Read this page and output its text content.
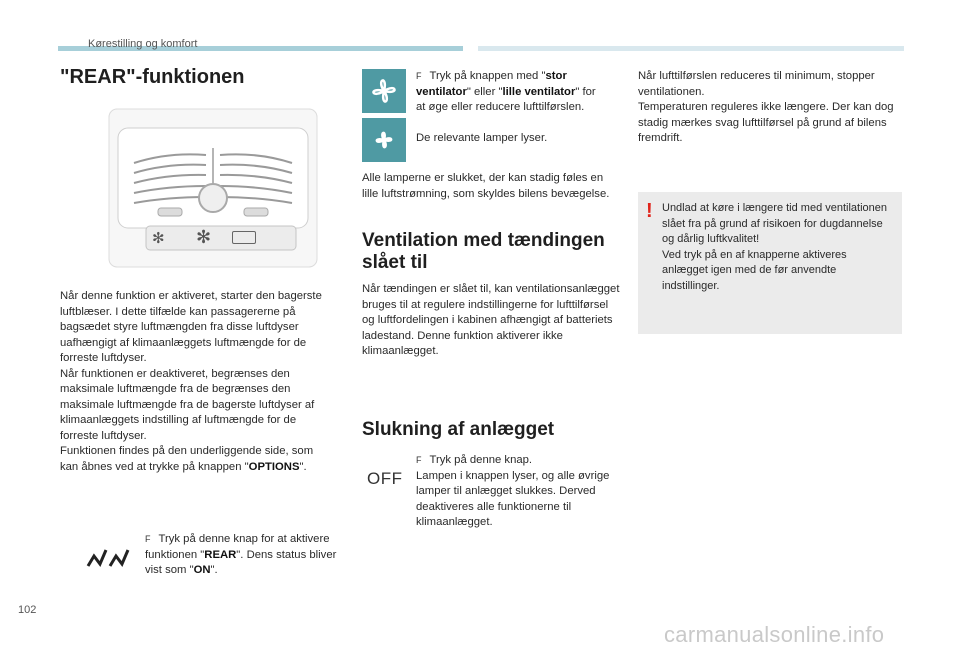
Kørestilling og komfort
"REAR"-funktionen
✻ ✻

Når denne funktion er aktiveret, starter den bagerste luftblæser. I dette tilfælde kan passagererne på bagsædet styre luftmængden fra disse luftdyser uafhængigt af klimaanlæggets luftmængde for de forreste luftdyser.

Når funktionen er deaktiveret, begrænses den maksimale luftmængde fra de begrænses den maksimale luftmængde fra de bagerste luftdyser af klimaanlæggets indstilling af luftmængde for de forreste luftdyser.

Funktionen findes på den underliggende side, som kan åbnes ved at trykke på knappen "OPTIONS".

F Tryk på denne knap for at aktivere funktionen "REAR". Dens status bliver vist som "ON".

F Tryk på knappen med "stor ventilator" eller "lille ventilator" for at øge eller reducere lufttilførslen.

De relevante lamper lyser.
Alle lamperne er slukket, der kan stadig føles en lille luftstrømning, som skyldes bilens bevægelse.
Ventilation med tændingen slået til
Når tændingen er slået til, kan ventilationsanlægget bruges til at regulere indstillingerne for lufttilførsel og luftfordelingen i kabinen afhængigt af batteriets ladestand. Denne funktion aktiverer ikke klimaanlægget.
Slukning af anlægget
OFF

F Tryk på denne knap.

Lampen i knappen lyser, og alle øvrige lamper til anlægget slukkes. Derved deaktiveres alle funktionerne til klimaanlægget.

Når lufttilførslen reduceres til minimum, stopper ventilationen.

Temperaturen reguleres ikke længere. Der kan dog stadig mærkes svag lufttilførsel på grund af bilens fremdrift.

! Undlad at køre i længere tid med ventilationen slået fra på grund af risikoen for dugdannelse og dårlig luftkvalitet!

Ved tryk på en af knapperne aktiveres anlægget igen med de før anvendte indstillinger.

102
carmanualsonline.info
